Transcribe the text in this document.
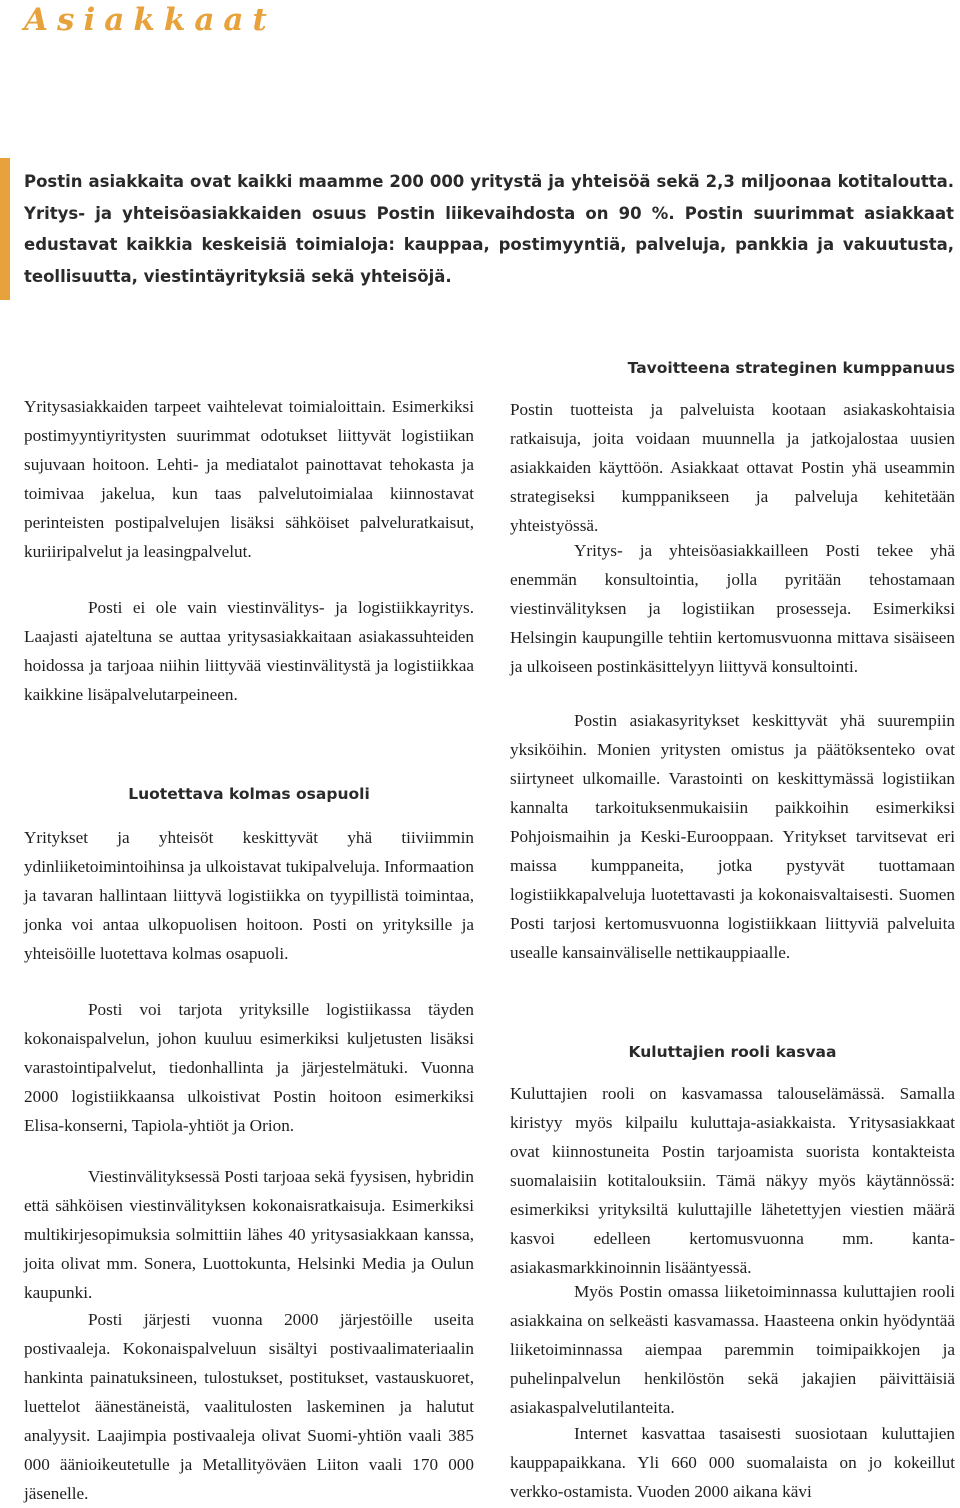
Asiakkaat

Postin asiakkaita ovat kaikki maamme 200 000 yritystä ja yhteisöä sekä 2,3 miljoonaa kotitaloutta. Yritys- ja yhteisöasiakkaiden osuus Postin liikevaihdosta on 90 %. Postin suurimmat asiakkaat edustavat kaikkia keskeisiä toimialoja: kauppaa, postimyyntiä, palveluja, pankkia ja vakuutusta, teollisuutta, viestintäyrityksiä sekä yhteisöjä.

Yritysasiakkaiden tarpeet vaihtelevat toimialoittain. Esimerkiksi postimyyntiyritysten suurimmat odotukset liittyvät logistiikan sujuvaan hoitoon. Lehti- ja mediatalot painottavat tehokasta ja toimivaa jakelua, kun taas palvelutoimialaa kiinnostavat perinteisten postipalvelujen lisäksi sähköiset palveluratkaisut, kuriiripalvelut ja leasingpalvelut.

Posti ei ole vain viestinvälitys- ja logistiikkayritys. Laajasti ajateltuna se auttaa yritysasiakkaitaan asiakassuhteiden hoidossa ja tarjoaa niihin liittyvää viestinvälitystä ja logistiikkaa kaikkine lisäpalvelutarpeineen.

Luotettava kolmas osapuoli

Yritykset ja yhteisöt keskittyvät yhä tiiviimmin ydinliiketoimintoihinsa ja ulkoistavat tukipalveluja. Informaation ja tavaran hallintaan liittyvä logistiikka on tyypillistä toimintaa, jonka voi antaa ulkopuolisen hoitoon. Posti on yrityksille ja yhteisöille luotettava kolmas osapuoli.

Posti voi tarjota yrityksille logistiikassa täyden kokonaispalvelun, johon kuuluu esimerkiksi kuljetusten lisäksi varastointipalvelut, tiedonhallinta ja järjestelmätuki. Vuonna 2000 logistiikkaansa ulkoistivat Postin hoitoon esimerkiksi Elisa-konserni, Tapiola-yhtiöt ja Orion.

Viestinvälityksessä Posti tarjoaa sekä fyysisen, hybridin että sähköisen viestinvälityksen kokonaisratkaisuja. Esimerkiksi multikirjesopimuksia solmittiin lähes 40 yritysasiakkaan kanssa, joita olivat mm. Sonera, Luottokunta, Helsinki Media ja Oulun kaupunki.

Posti järjesti vuonna 2000 järjestöille useita postivaaleja. Kokonaispalveluun sisältyi postivaalimateriaalin hankinta painatuksineen, tulostukset, postitukset, vastauskuoret, luettelot äänestäneistä, vaalitulosten laskeminen ja halutut analyysit. Laajimpia postivaaleja olivat Suomi-yhtiön vaali 385 000 äänioikeutetulle ja Metallityöväen Liiton vaali 170 000 jäsenelle.

Tavoitteena strateginen kumppanuus

Postin tuotteista ja palveluista kootaan asiakaskohtaisia ratkaisuja, joita voidaan muunnella ja jatkojalostaa uusien asiakkaiden käyttöön. Asiakkaat ottavat Postin yhä useammin strategiseksi kumppanikseen ja palveluja kehitetään yhteistyössä.

Yritys- ja yhteisöasiakkailleen Posti tekee yhä enemmän konsultointia, jolla pyritään tehostamaan viestinvälityksen ja logistiikan prosesseja. Esimerkiksi Helsingin kaupungille tehtiin kertomusvuonna mittava sisäiseen ja ulkoiseen postinkäsittelyyn liittyvä konsultointi.

Postin asiakasyritykset keskittyvät yhä suurempiin yksiköihin. Monien yritysten omistus ja päätöksenteko ovat siirtyneet ulkomaille. Varastointi on keskittymässä logistiikan kannalta tarkoituksenmukaisiin paikkoihin esimerkiksi Pohjoismaihin ja Keski-Eurooppaan. Yritykset tarvitsevat eri maissa kumppaneita, jotka pystyvät tuottamaan logistiikkapalveluja luotettavasti ja kokonaisvaltaisesti. Suomen Posti tarjosi kertomusvuonna logistiikkaan liittyviä palveluita usealle kansainväliselle nettikauppiaalle.

Kuluttajien rooli kasvaa

Kuluttajien rooli on kasvamassa talouselämässä. Samalla kiristyy myös kilpailu kuluttaja-asiakkaista. Yritysasiakkaat ovat kiinnostuneita Postin tarjoamista suorista kontakteista suomalaisiin kotitalouksiin. Tämä näkyy myös käytännössä: esimerkiksi yrityksiltä kuluttajille lähetettyjen viestien määrä kasvoi edelleen kertomusvuonna mm. kanta-asiakasmarkkinoinnin lisääntyessä.

Myös Postin omassa liiketoiminnassa kuluttajien rooli asiakkaina on selkeästi kasvamassa. Haasteena onkin hyödyntää liiketoiminnassa aiempaa paremmin toimipaikkojen ja puhelinpalvelun henkilöstön sekä jakajien päivittäisiä asiakaspalvelutilanteita.

Internet kasvattaa tasaisesti suosiotaan kuluttajien kauppapaikkana. Yli 660 000 suomalaista on jo kokeillut verkko-ostamista. Vuoden 2000 aikana kävi
